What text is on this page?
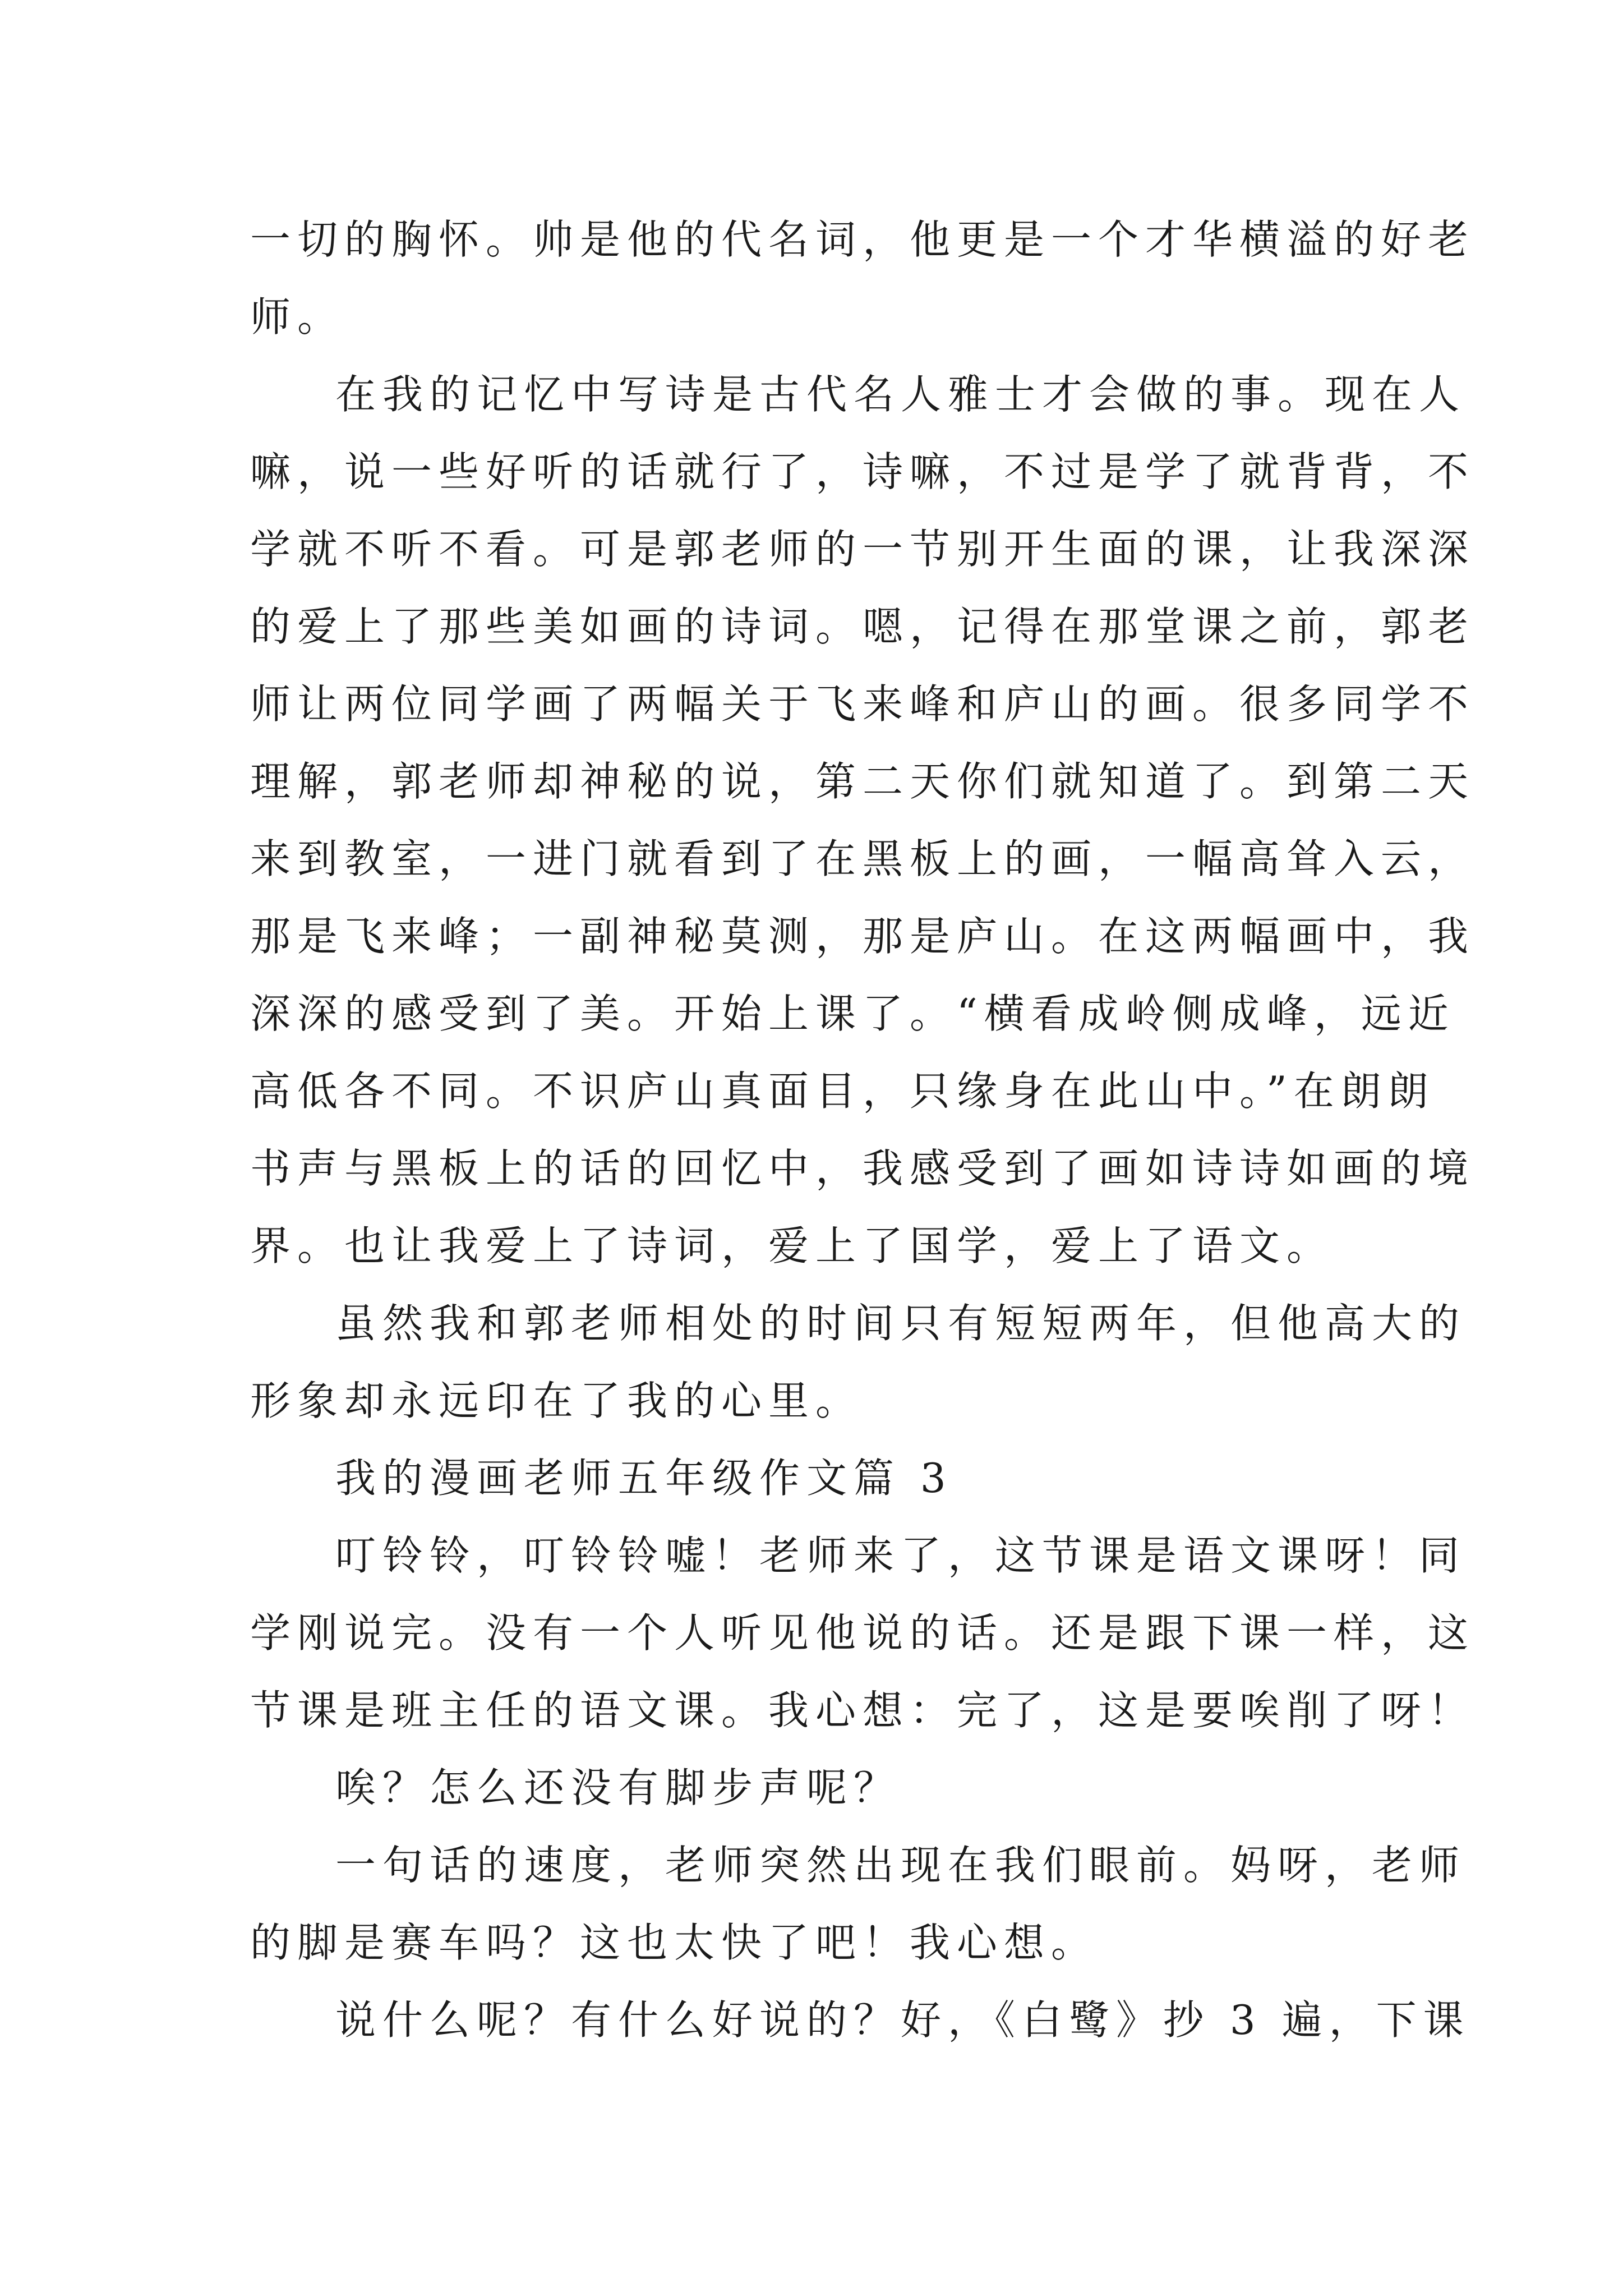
一切的胸怀。帅是他的代名词，他更是一个才华横溢的好老
师。
在我的记忆中写诗是古代名人雅士才会做的事。现在人
嘛，说一些好听的话就行了，诗嘛，不过是学了就背背，不
学就不听不看。可是郭老师的一节别开生面的课，让我深深
的爱上了那些美如画的诗词。嗯，记得在那堂课之前，郭老
师让两位同学画了两幅关于飞来峰和庐山的画。很多同学不
理解，郭老师却神秘的说，第二天你们就知道了。到第二天
来到教室，一进门就看到了在黑板上的画，一幅高耸入云，
那是飞来峰；一副神秘莫测，那是庐山。在这两幅画中，我
深深的感受到了美。开始上课了。“横看成岭侧成峰，远近
高低各不同。不识庐山真面目，只缘身在此山中。”在朗朗
书声与黑板上的话的回忆中，我感受到了画如诗诗如画的境
界。也让我爱上了诗词，爱上了国学，爱上了语文。
虽然我和郭老师相处的时间只有短短两年，但他高大的
形象却永远印在了我的心里。
我的漫画老师五年级作文篇 3
叮铃铃，叮铃铃嘘！老师来了，这节课是语文课呀！同
学刚说完。没有一个人听见他说的话。还是跟下课一样，这
节课是班主任的语文课。我心想：完了，这是要唉削了呀！
唉？怎么还没有脚步声呢？
一句话的速度，老师突然出现在我们眼前。妈呀，老师
的脚是赛车吗？这也太快了吧！我心想。
说什么呢？有什么好说的？好，《白鹭》抄 3 遍，下课
